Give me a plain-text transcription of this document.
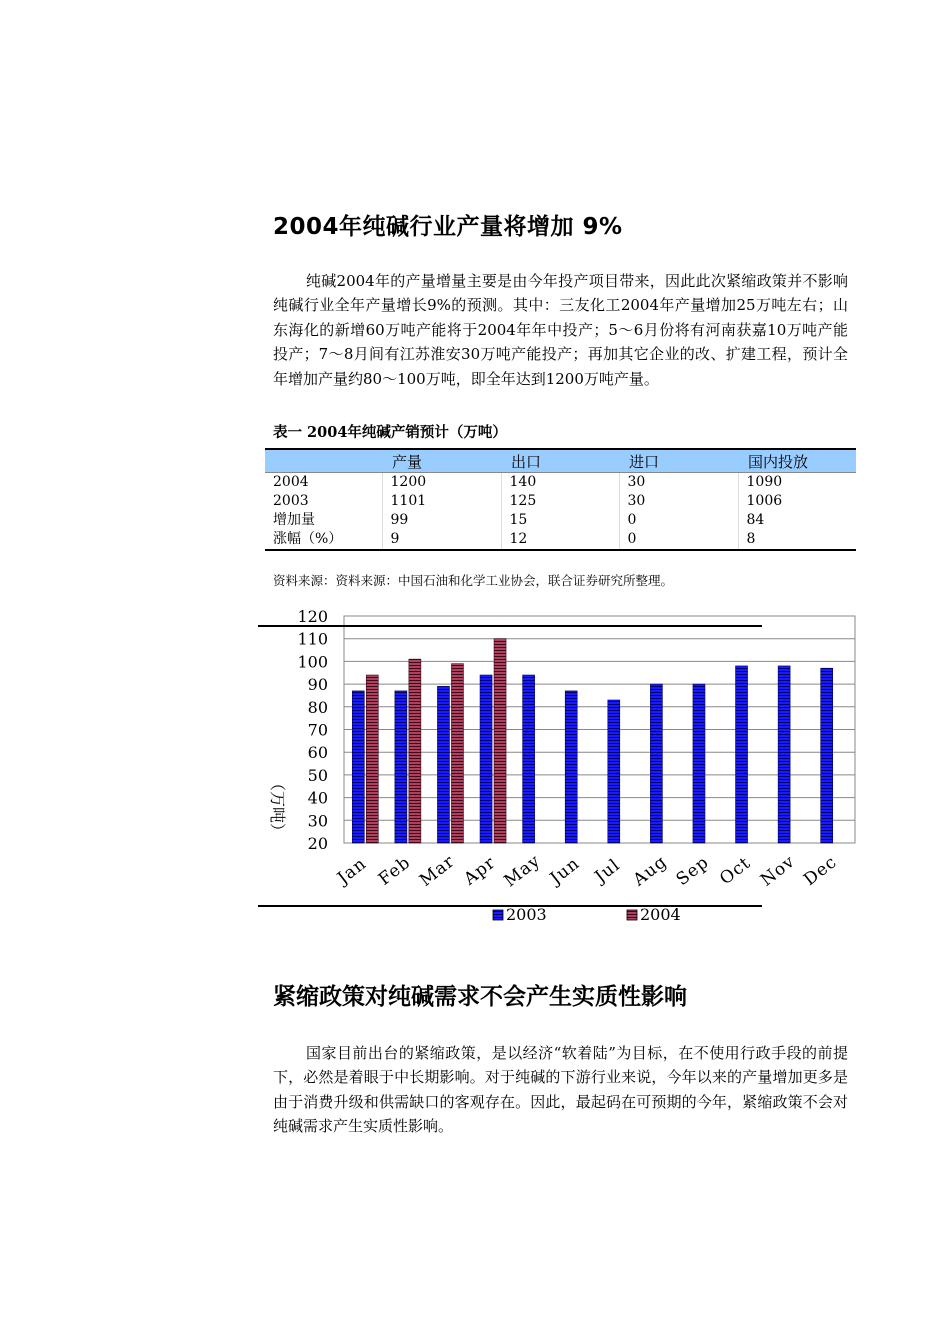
2004年纯碱行业产量将增加 9%

纯碱2004年的产量增量主要是由今年投产项目带来，因此此次紧缩政策并不影响纯碱行业全年产量增长9%的预测。其中：三友化工2004年产量增加25万吨左右；山东海化的新增60万吨产能将于2004年年中投产；5～6月份将有河南获嘉10万吨产能投产；7～8月间有江苏淮安30万吨产能投产；再加其它企业的改、扩建工程，预计全年增加产量约80～100万吨，即全年达到1200万吨产量。

表一 2004年纯碱产销预计（万吨）
	产量	出口	进口	国内投放
2004	1200	140	30	1090
2003	1101	125	30	1006
增加量	99	15	0	84
涨幅（%）	9	12	0	8
资料来源：资料来源：中国石油和化学工业协会，联合证券研究所整理。
20
30
40
50
60
70
80
90
100
110
120
Jan Feb Mar Apr May Jun Jul Aug Sep Oct Nov Dec
（万吨）
2003	2004
紧缩政策对纯碱需求不会产生实质性影响

国家目前出台的紧缩政策，是以经济“软着陆”为目标，在不使用行政手段的前提下，必然是着眼于中长期影响。对于纯碱的下游行业来说，今年以来的产量增加更多是由于消费升级和供需缺口的客观存在。因此，最起码在可预期的今年，紧缩政策不会对纯碱需求产生实质性影响。
